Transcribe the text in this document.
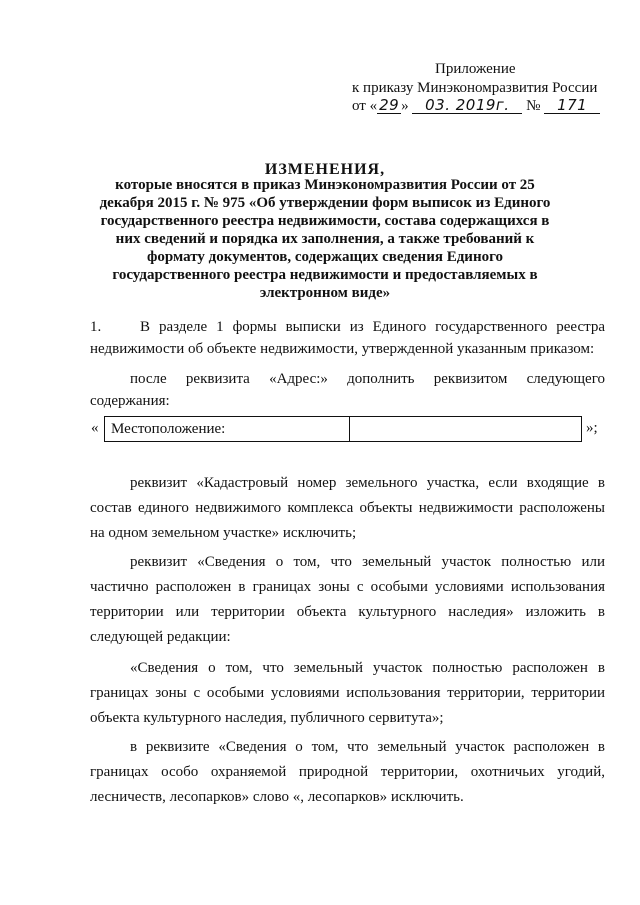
Приложение
к приказу Минэкономразвития России
от « 29 » 03. 2019г. № 171
ИЗМЕНЕНИЯ,
которые вносятся в приказ Минэкономразвития России от 25 декабря 2015 г. № 975 «Об утверждении форм выписок из Единого государственного реестра недвижимости, состава содержащихся в них сведений и порядка их заполнения, а также требований к формату документов, содержащих сведения Единого государственного реестра недвижимости и предоставляемых в электронном виде»
1.	В разделе 1 формы выписки из Единого государственного реестра недвижимости об объекте недвижимости, утвержденной указанным приказом:
после реквизита «Адрес:» дополнить реквизитом следующего содержания:
« Местоположение:	»;
реквизит «Кадастровый номер земельного участка, если входящие в состав единого недвижимого комплекса объекты недвижимости расположены на одном земельном участке» исключить;
реквизит «Сведения о том, что земельный участок полностью или частично расположен в границах зоны с особыми условиями использования территории или территории объекта культурного наследия» изложить в следующей редакции:
«Сведения о том, что земельный участок полностью расположен в границах зоны с особыми условиями использования территории, территории объекта культурного наследия, публичного сервитута»;
в реквизите «Сведения о том, что земельный участок расположен в границах особо охраняемой природной территории, охотничьих угодий, лесничеств, лесопарков» слово «, лесопарков» исключить.
